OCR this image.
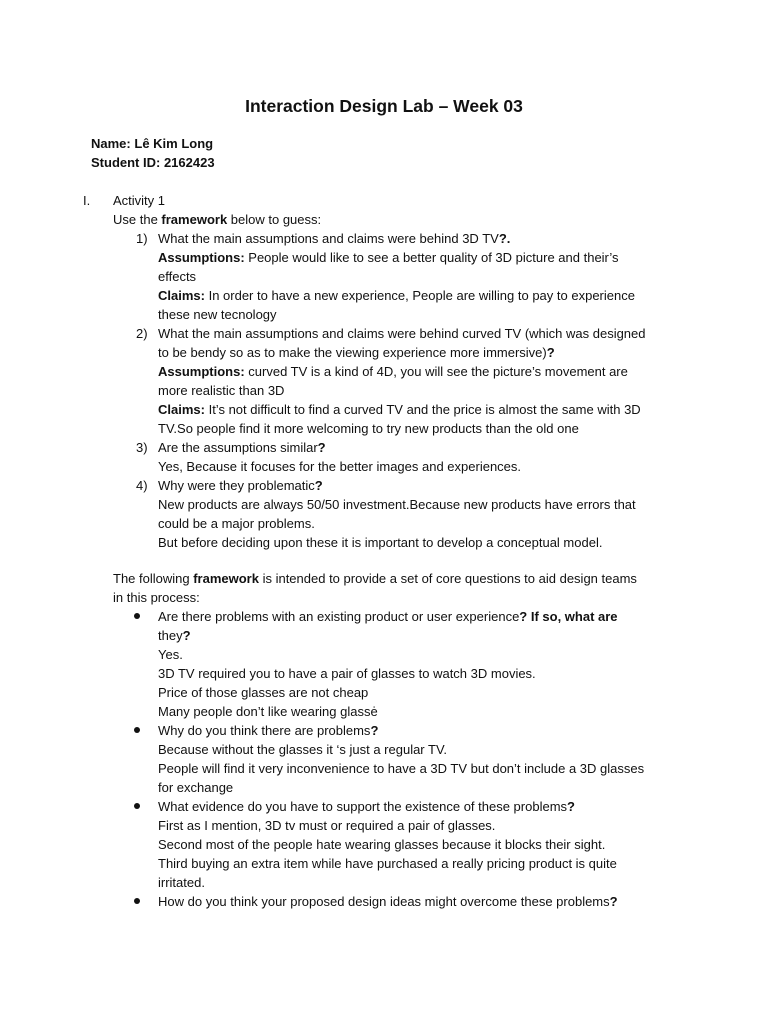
Interaction Design Lab – Week 03
Name: Lê Kim Long
Student ID: 2162423
I. Activity 1
Use the framework below to guess:
1) What the main assumptions and claims were behind 3D TV?.
Assumptions: People would like to see a better quality of 3D picture and their’s
effects
Claims: In order to have a new experience, People are willing to pay to experience
these new tecnology
2) What the main assumptions and claims were behind curved TV (which was designed
to be bendy so as to make the viewing experience more immersive)?
Assumptions: curved TV is a kind of 4D, you will see the picture’s movement are
more realistic than 3D
Claims: It’s not difficult to find a curved TV and the price is almost the same with 3D
TV.So people find it more welcoming to try new products than the old one
3) Are the assumptions similar?
Yes, Because it focuses for the better images and experiences.
4) Why were they problematic?
New products are always 50/50 investment.Because new products have errors that
could be a major problems.
But before deciding upon these it is important to develop a conceptual model.
The following framework is intended to provide a set of core questions to aid design teams
in this process:
Are there problems with an existing product or user experience? If so, what are
they?
Yes.
3D TV required you to have a pair of glasses to watch 3D movies.
Price of those glasses are not cheap
Many people don’t like wearing glassė
Why do you think there are problems?
Because without the glasses it ‘s just a regular TV.
People will find it very inconvenience to have a 3D TV but don’t include a 3D glasses
for exchange
What evidence do you have to support the existence of these problems?
First as I mention, 3D tv must or required a pair of glasses.
Second most of the people hate wearing glasses because it blocks their sight.
Third buying an extra item while have purchased a really pricing product is quite
irritated.
How do you think your proposed design ideas might overcome these problems?
